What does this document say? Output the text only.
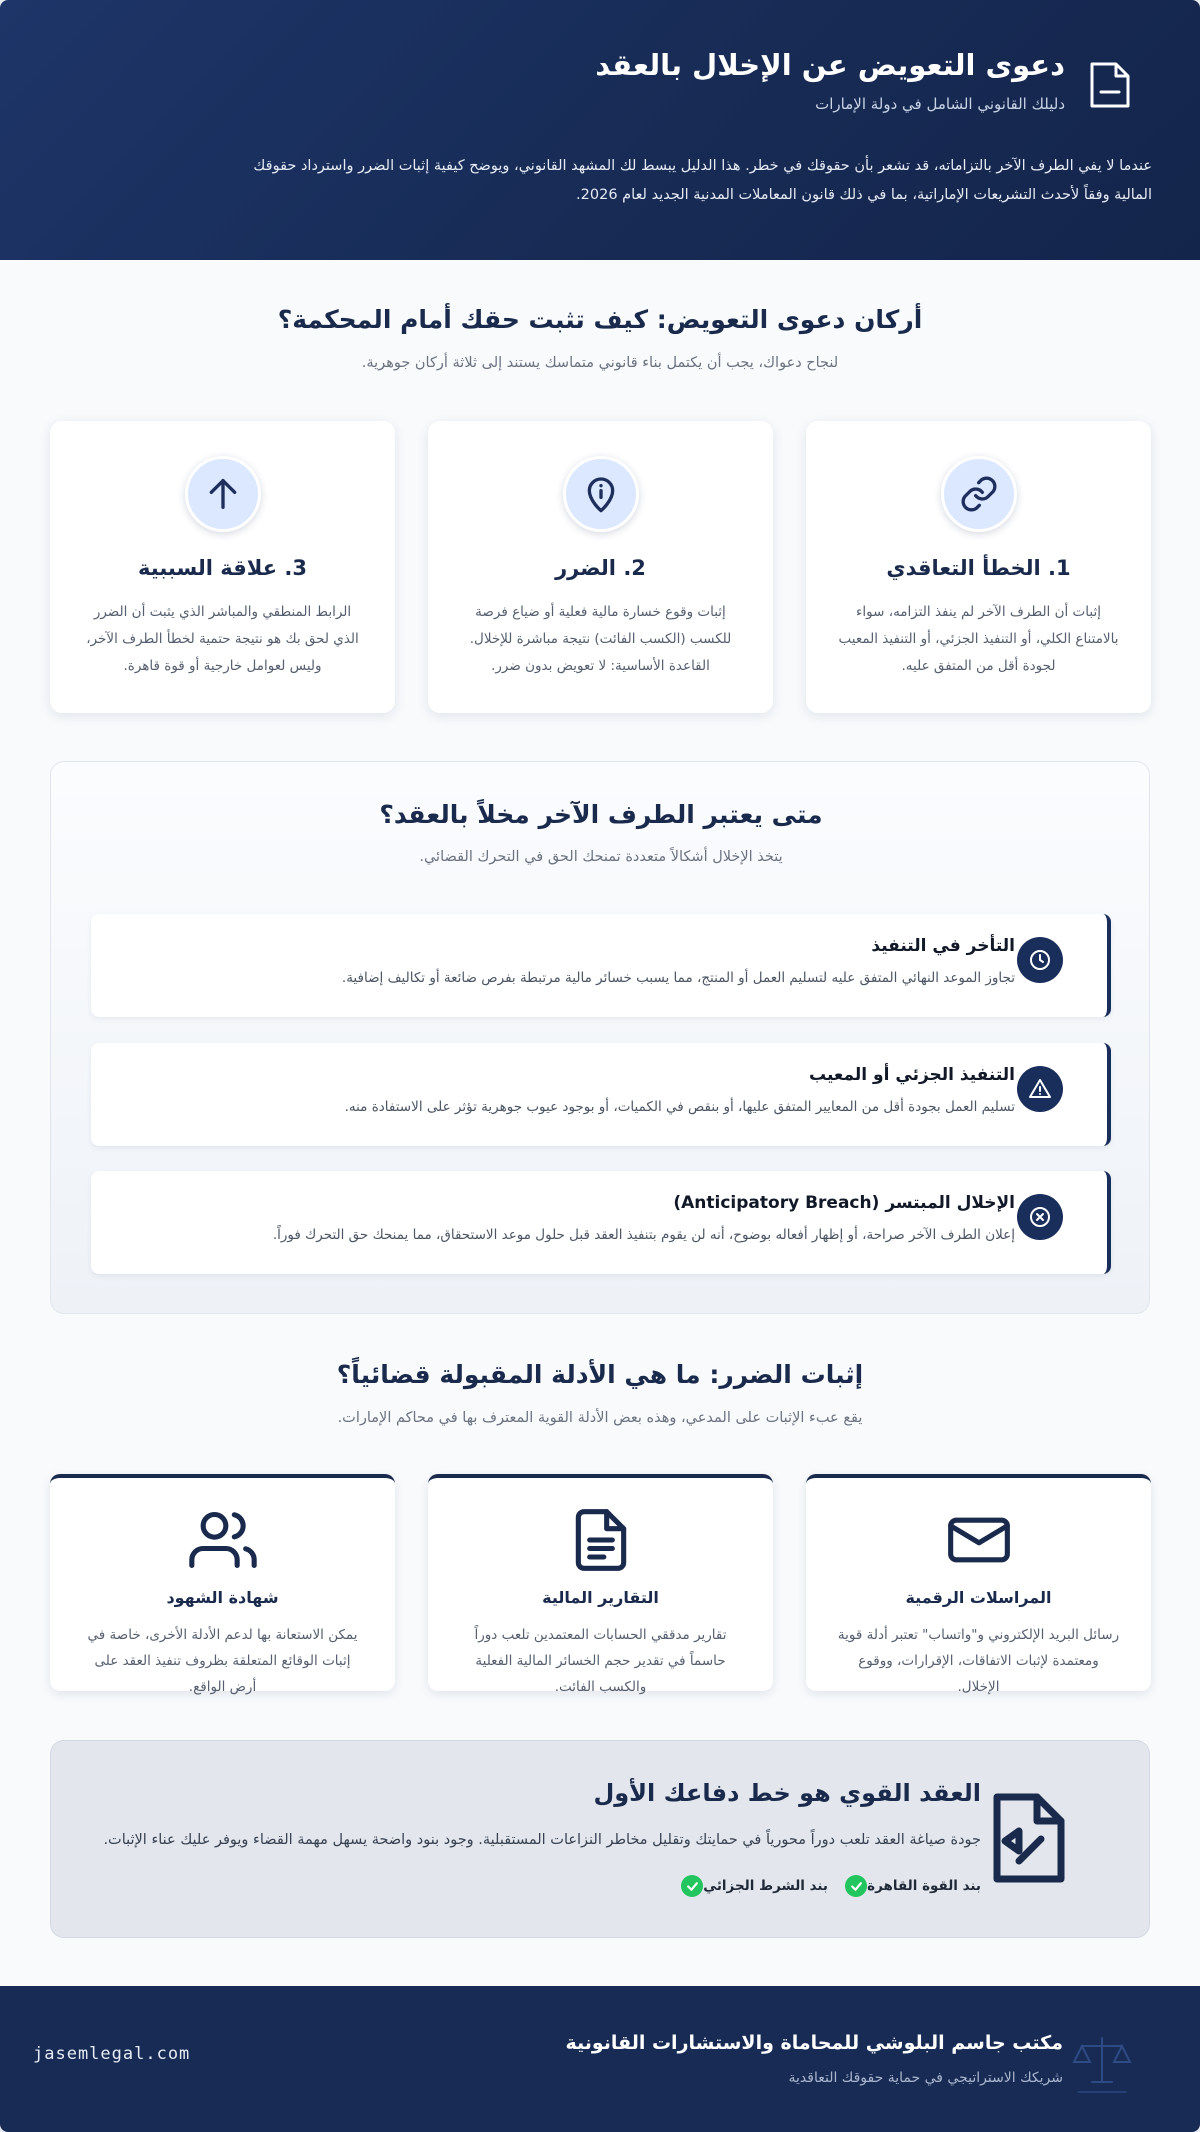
دعوى التعويض عن الإخلال بالعقد
دليلك القانوني الشامل في دولة الإمارات

عندما لا يفي الطرف الآخر بالتزاماته، قد تشعر بأن حقوقك في خطر. هذا الدليل يبسط لك المشهد القانوني، ويوضح كيفية إثبات الضرر واسترداد حقوقك المالية وفقاً لأحدث التشريعات الإماراتية، بما في ذلك قانون المعاملات المدنية الجديد لعام 2026.

أركان دعوى التعويض: كيف تثبت حقك أمام المحكمة؟
لنجاح دعواك، يجب أن يكتمل بناء قانوني متماسك يستند إلى ثلاثة أركان جوهرية.
1. الخطأ التعاقدي

إثبات أن الطرف الآخر لم ينفذ التزامه، سواء بالامتناع الكلي، أو التنفيذ الجزئي، أو التنفيذ المعيب لجودة أقل من المتفق عليه.

2. الضرر

إثبات وقوع خسارة مالية فعلية أو ضياع فرصة للكسب (الكسب الفائت) نتيجة مباشرة للإخلال. القاعدة الأساسية: لا تعويض بدون ضرر.

3. علاقة السببية

الرابط المنطقي والمباشر الذي يثبت أن الضرر الذي لحق بك هو نتيجة حتمية لخطأ الطرف الآخر، وليس لعوامل خارجية أو قوة قاهرة.

متى يعتبر الطرف الآخر مخلاً بالعقد؟
يتخذ الإخلال أشكالاً متعددة تمنحك الحق في التحرك القضائي.
التأخر في التنفيذ
تجاوز الموعد النهائي المتفق عليه لتسليم العمل أو المنتج، مما يسبب خسائر مالية مرتبطة بفرص ضائعة أو تكاليف إضافية.
التنفيذ الجزئي أو المعيب
تسليم العمل بجودة أقل من المعايير المتفق عليها، أو بنقص في الكميات، أو بوجود عيوب جوهرية تؤثر على الاستفادة منه.
الإخلال المبتسر (Anticipatory Breach)
إعلان الطرف الآخر صراحة، أو إظهار أفعاله بوضوح، أنه لن يقوم بتنفيذ العقد قبل حلول موعد الاستحقاق، مما يمنحك حق التحرك فوراً.
إثبات الضرر: ما هي الأدلة المقبولة قضائياً؟
يقع عبء الإثبات على المدعي، وهذه بعض الأدلة القوية المعترف بها في محاكم الإمارات.
المراسلات الرقمية

رسائل البريد الإلكتروني و"واتساب" تعتبر أدلة قوية ومعتمدة لإثبات الاتفاقات، الإقرارات، ووقوع الإخلال.

التقارير المالية

تقارير مدققي الحسابات المعتمدين تلعب دوراً حاسماً في تقدير حجم الخسائر المالية الفعلية والكسب الفائت.

شهادة الشهود

يمكن الاستعانة بها لدعم الأدلة الأخرى، خاصة في إثبات الوقائع المتعلقة بظروف تنفيذ العقد على أرض الواقع.

العقد القوي هو خط دفاعك الأول
جودة صياغة العقد تلعب دوراً محورياً في حمايتك وتقليل مخاطر النزاعات المستقبلية. وجود بنود واضحة يسهل مهمة القضاء ويوفر عليك عناء الإثبات.
بند القوة القاهرة
بند الشرط الجزائي
مكتب جاسم البلوشي للمحاماة والاستشارات القانونية
شريكك الاستراتيجي في حماية حقوقك التعاقدية
jasemlegal.com
